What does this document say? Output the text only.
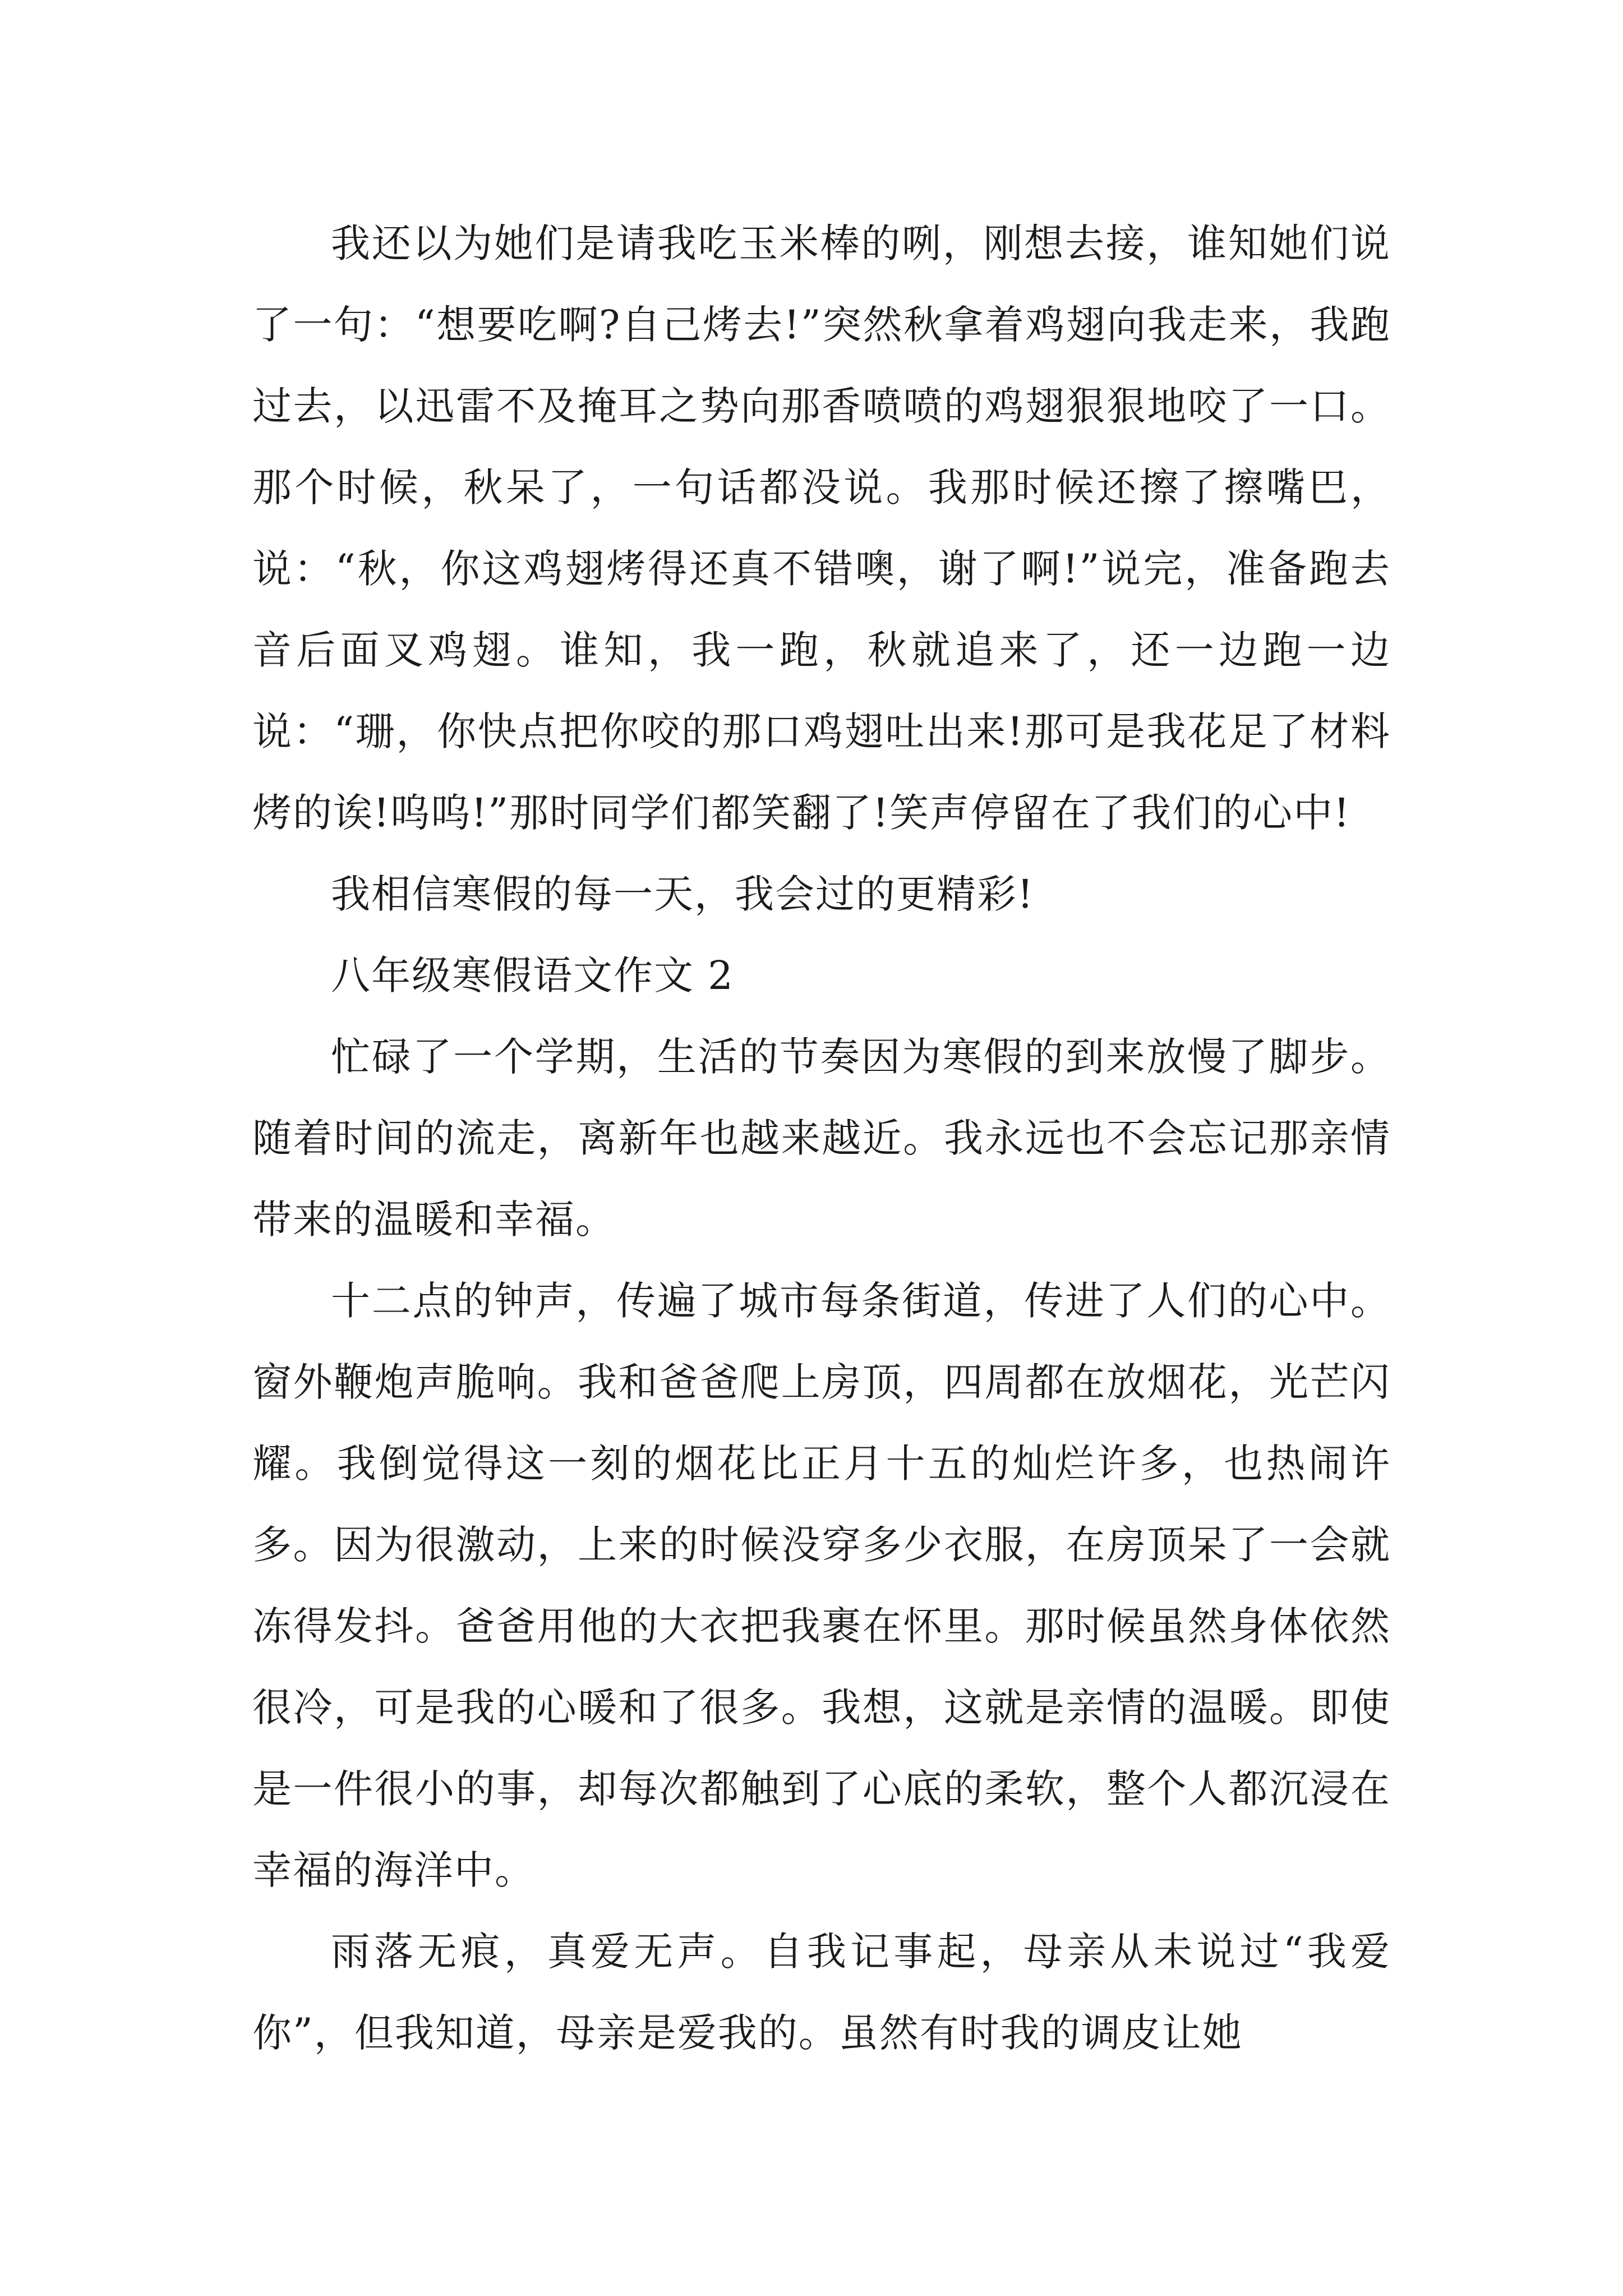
我还以为她们是请我吃玉米棒的咧，刚想去接，谁知她们说了一句：“想要吃啊?自己烤去!”突然秋拿着鸡翅向我走来，我跑过去，以迅雷不及掩耳之势向那香喷喷的鸡翅狠狠地咬了一口。那个时候，秋呆了，一句话都没说。我那时候还擦了擦嘴巴，说：“秋，你这鸡翅烤得还真不错噢，谢了啊!”说完，准备跑去音后面叉鸡翅。谁知，我一跑，秋就追来了，还一边跑一边说：“珊，你快点把你咬的那口鸡翅吐出来!那可是我花足了材料烤的诶!呜呜!”那时同学们都笑翻了!笑声停留在了我们的心中!

我相信寒假的每一天，我会过的更精彩!

八年级寒假语文作文 2

忙碌了一个学期，生活的节奏因为寒假的到来放慢了脚步。随着时间的流走，离新年也越来越近。我永远也不会忘记那亲情带来的温暖和幸福。

十二点的钟声，传遍了城市每条街道，传进了人们的心中。窗外鞭炮声脆响。我和爸爸爬上房顶，四周都在放烟花，光芒闪耀。我倒觉得这一刻的烟花比正月十五的灿烂许多，也热闹许多。因为很激动，上来的时候没穿多少衣服，在房顶呆了一会就冻得发抖。爸爸用他的大衣把我裹在怀里。那时候虽然身体依然很冷，可是我的心暖和了很多。我想，这就是亲情的温暖。即使是一件很小的事，却每次都触到了心底的柔软，整个人都沉浸在幸福的海洋中。

雨落无痕，真爱无声。自我记事起，母亲从未说过“我爱你”，但我知道，母亲是爱我的。虽然有时我的调皮让她
